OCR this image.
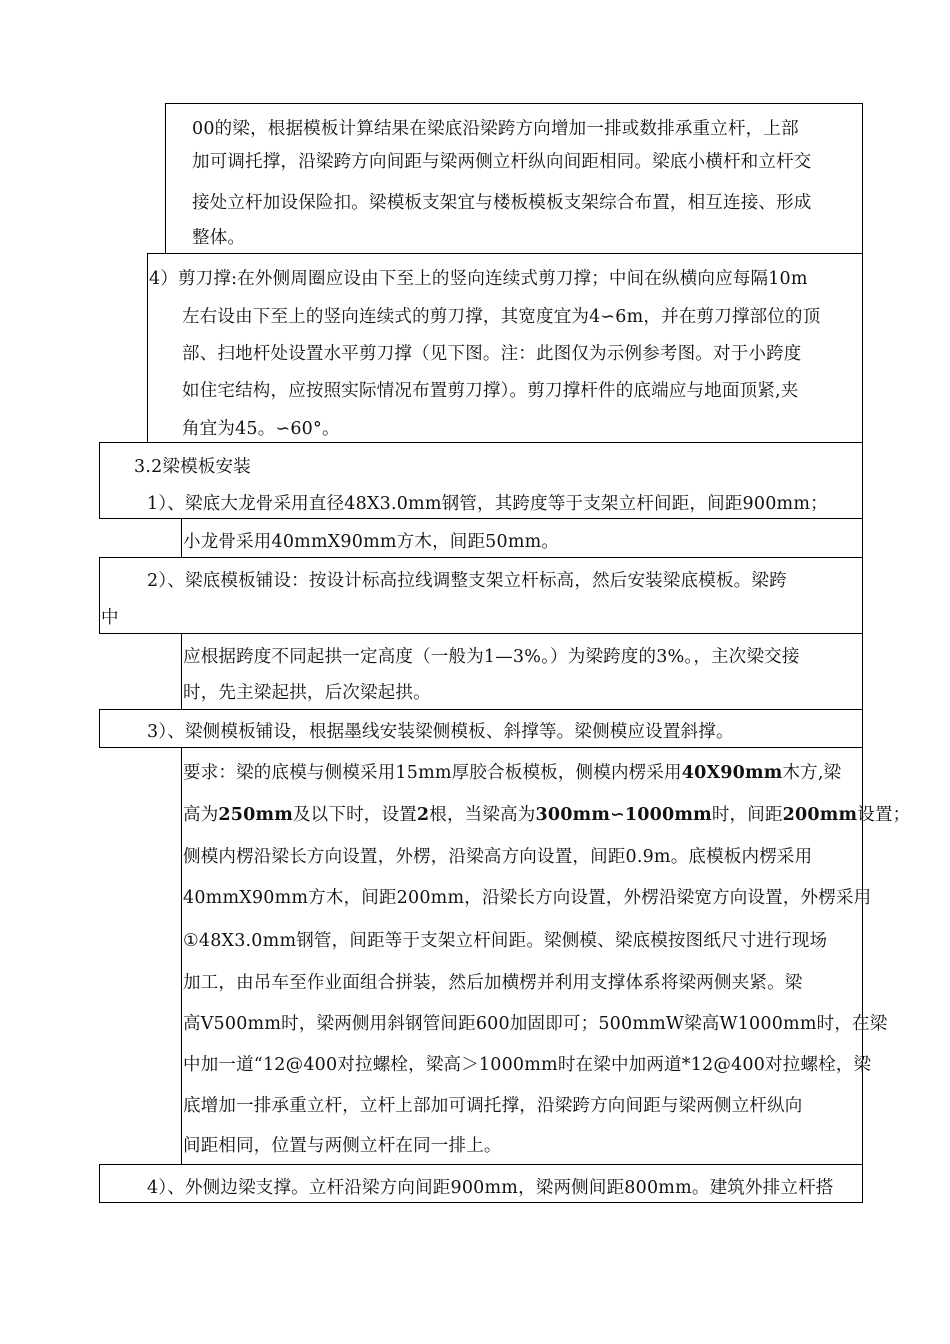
00的梁，根据模板计算结果在梁底沿梁跨方向增加一排或数排承重立杆，上部
加可调托撑，沿梁跨方向间距与梁两侧立杆纵向间距相同。梁底小横杆和立杆交
接处立杆加设保险扣。梁模板支架宜与楼板模板支架综合布置，相互连接、形成
整体。
4）剪刀撑:在外侧周圈应设由下至上的竖向连续式剪刀撑；中间在纵横向应每隔10m
左右设由下至上的竖向连续式的剪刀撑，其宽度宜为4∽6m，并在剪刀撑部位的顶
部、扫地杆处设置水平剪刀撑（见下图。注：此图仅为示例参考图。对于小跨度
如住宅结构，应按照实际情况布置剪刀撑）。剪刀撑杆件的底端应与地面顶紧,夹
角宜为45。∽60°。
3.2梁模板安装
1）、梁底大龙骨采用直径48X3.0mm钢管，其跨度等于支架立杆间距，间距900mm；
小龙骨采用40mmX90mm方木，间距50mm。
2）、梁底模板铺设：按设计标高拉线调整支架立杆标高，然后安装梁底模板。梁跨
中
应根据跨度不同起拱一定高度（一般为1—3%。）为梁跨度的3%。，主次梁交接
时，先主梁起拱，后次梁起拱。
3）、梁侧模板铺设，根据墨线安装梁侧模板、斜撑等。梁侧模应设置斜撑。
要求：梁的底模与侧模采用15mm厚胶合板模板，侧模内楞采用40X90mm木方,梁
高为250mm及以下时，设置2根，当梁高为300mm∽1000mm时，间距200mm设置；
侧模内楞沿梁长方向设置，外楞，沿梁高方向设置，间距0.9m。底模板内楞采用
40mmX90mm方木，间距200mm，沿梁长方向设置，外楞沿梁宽方向设置，外楞采用
①48X3.0mm钢管，间距等于支架立杆间距。梁侧模、梁底模按图纸尺寸进行现场
加工，由吊车至作业面组合拼装，然后加横楞并利用支撑体系将梁两侧夹紧。梁
高V500mm时，梁两侧用斜钢管间距600加固即可；500mmW梁高W1000mm时，在梁
中加一道“12@400对拉螺栓，梁高＞1000mm时在梁中加两道*12@400对拉螺栓，梁
底增加一排承重立杆，立杆上部加可调托撑，沿梁跨方向间距与梁两侧立杆纵向
间距相同，位置与两侧立杆在同一排上。
4）、外侧边梁支撑。立杆沿梁方向间距900mm，梁两侧间距800mm。建筑外排立杆搭
